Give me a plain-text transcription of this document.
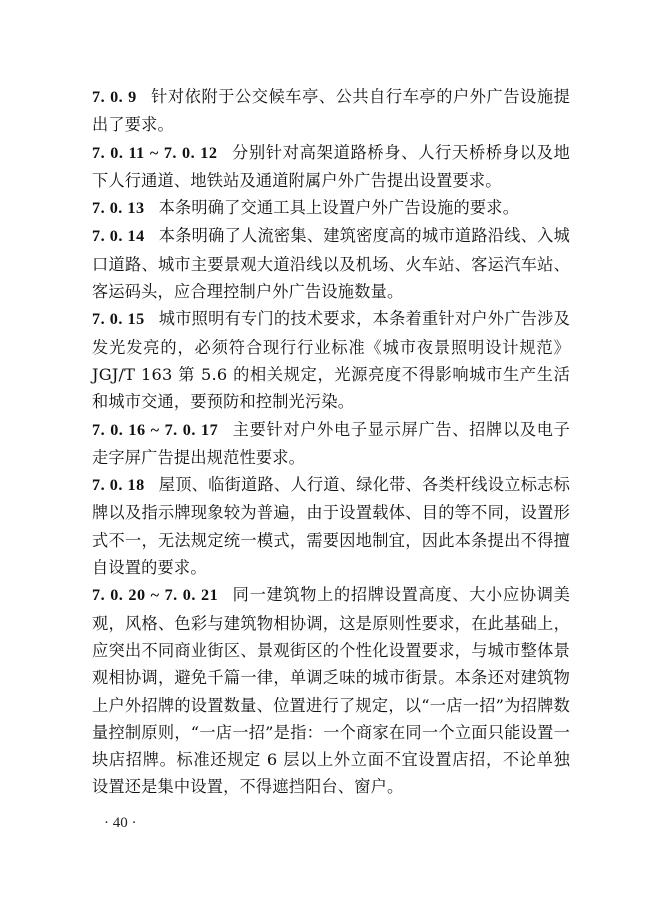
7. 0. 9 针对依附于公交候车亭、公共自行车亭的户外广告设施提出了要求。

7. 0. 11 ~ 7. 0. 12 分别针对高架道路桥身、人行天桥桥身以及地下人行通道、地铁站及通道附属户外广告提出设置要求。

7. 0. 13 本条明确了交通工具上设置户外广告设施的要求。

7. 0. 14 本条明确了人流密集、建筑密度高的城市道路沿线、入城口道路、城市主要景观大道沿线以及机场、火车站、客运汽车站、客运码头，应合理控制户外广告设施数量。

7. 0. 15 城市照明有专门的技术要求，本条着重针对户外广告涉及发光发亮的，必须符合现行行业标准《城市夜景照明设计规范》JGJ/T 163 第 5.6 的相关规定，光源亮度不得影响城市生产生活和城市交通，要预防和控制光污染。

7. 0. 16 ~ 7. 0. 17 主要针对户外电子显示屏广告、招牌以及电子走字屏广告提出规范性要求。

7. 0. 18 屋顶、临街道路、人行道、绿化带、各类杆线设立标志标牌以及指示牌现象较为普遍，由于设置载体、目的等不同，设置形式不一，无法规定统一模式，需要因地制宜，因此本条提出不得擅自设置的要求。

7. 0. 20 ~ 7. 0. 21 同一建筑物上的招牌设置高度、大小应协调美观，风格、色彩与建筑物相协调，这是原则性要求，在此基础上，应突出不同商业街区、景观街区的个性化设置要求，与城市整体景观相协调，避免千篇一律，单调乏味的城市街景。本条还对建筑物上户外招牌的设置数量、位置进行了规定，以“一店一招”为招牌数量控制原则，“一店一招”是指：一个商家在同一个立面只能设置一块店招牌。标准还规定 6 层以上外立面不宜设置店招，不论单独设置还是集中设置，不得遮挡阳台、窗户。

· 40 ·
